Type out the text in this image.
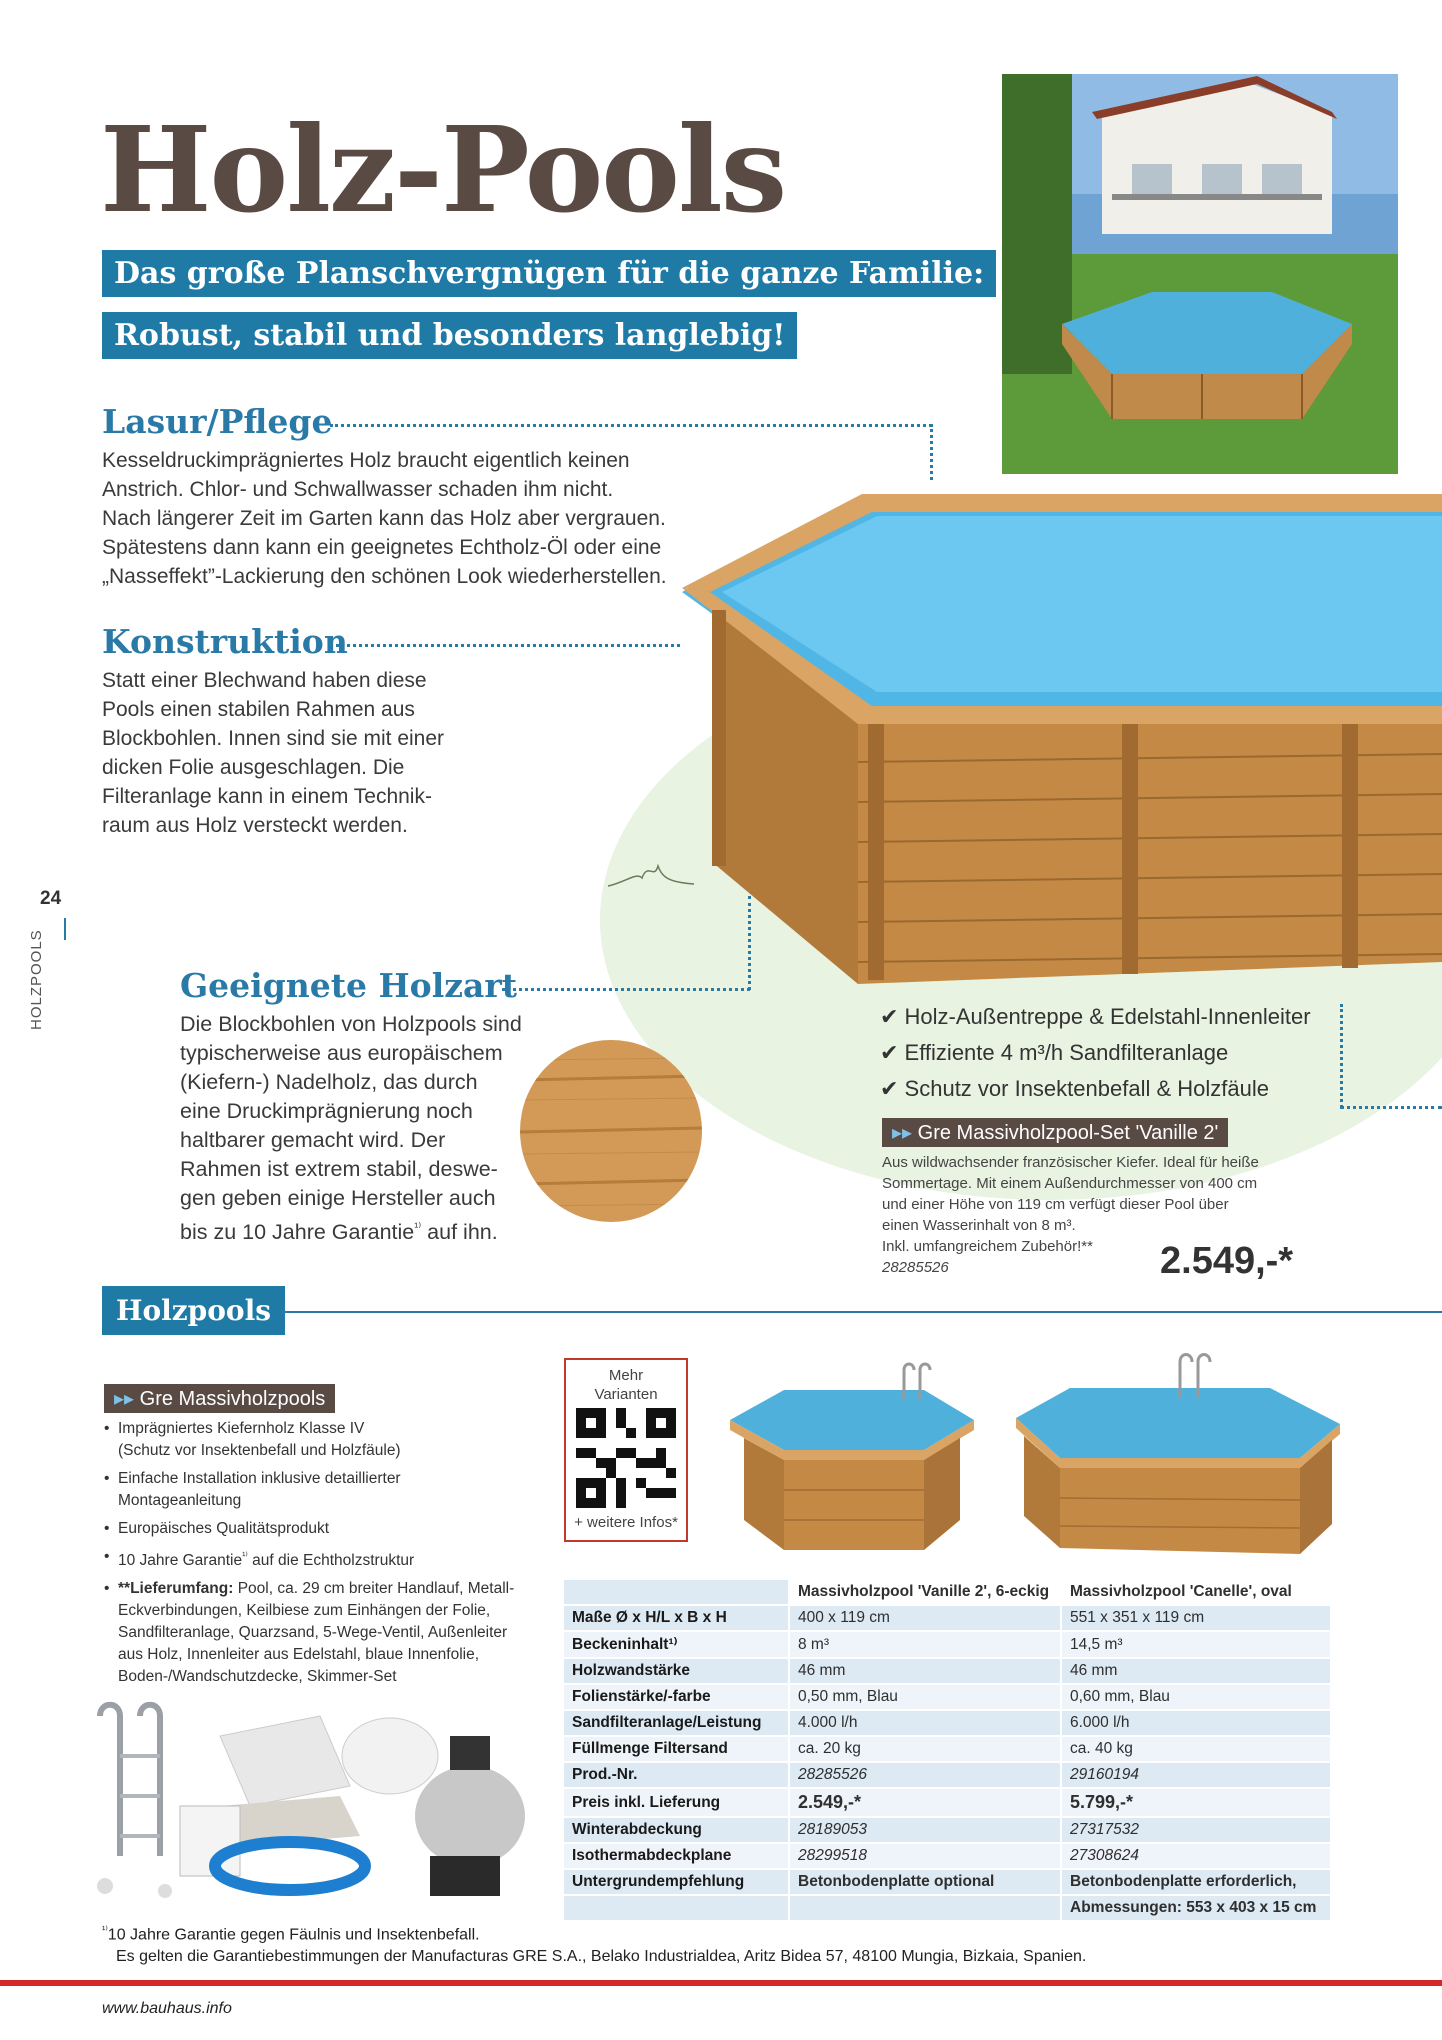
Holz-Pools
Das große Planschvergnügen für die ganze Familie:
Robust, stabil und besonders langlebig!
Lasur/Pflege
Kesseldruckimprägniertes Holz braucht eigentlich keinen
Anstrich. Chlor- und Schwallwasser schaden ihm nicht.
Nach längerer Zeit im Garten kann das Holz aber vergrauen.
Spätestens dann kann ein geeignetes Echtholz-Öl oder eine
„Nasseffekt”-Lackierung den schönen Look wiederherstellen.
Konstruktion
Statt einer Blechwand haben diese
Pools einen stabilen Rahmen aus
Blockbohlen. Innen sind sie mit einer
dicken Folie ausgeschlagen. Die
Filteranlage kann in einem Technik-
raum aus Holz versteckt werden.
24
HOLZPOOLS	Geeignete Holzart
Die Blockbohlen von Holzpools sind
typischerweise aus europäischem
(Kiefern-) Nadelholz, das durch
eine Druckimprägnierung noch
haltbarer gemacht wird. Der
Rahmen ist extrem stabil, deswe-
gen geben einige Hersteller auch
bis zu 10 Jahre Garantie$^{^{1)}}$ auf ihn.
✔ Holz-Außentreppe & Edelstahl-Innenleiter
✔ Effiziente 4 m³/h Sandfilteranlage
✔ Schutz vor Insektenbefall & Holzfäule
▸▸ Gre Massivholzpool-Set 'Vanille 2'
Aus wildwachsender französischer Kiefer. Ideal für heiße
Sommertage. Mit einem Außendurchmesser von 400 cm
und einer Höhe von 119 cm verfügt dieser Pool über
einen Wasserinhalt von 8 m³.
Inkl. umfangreichem Zubehör!**
28285526	2.549,-*
Holzpools
▸▸ Gre Massivholzpools
• Imprägniertes Kiefernholz Klasse IV
(Schutz vor Insektenbefall und Holzfäule)
• Einfache Installation inklusive detaillierter
Montageanleitung
• Europäisches Qualitätsprodukt
• 10 Jahre Garantie$^{^{1)}}$ auf die Echtholzstruktur
• **Lieferumfang: Pool, ca. 29 cm breiter Handlauf, Metall-
Eckverbindungen, Keilbiese zum Einhängen der Folie,
Sandfilteranlage, Quarzsand, 5-Wege-Ventil, Außenleiter
aus Holz, Innenleiter aus Edelstahl, blaue Innenfolie,
Boden-/Wandschutzdecke, Skimmer-Set
Mehr
Varianten
+ weitere Infos*
	Massivholzpool 'Vanille 2', 6-eckig	Massivholzpool 'Canelle', oval
Maße Ø x H/L x B x H	400 x 119 cm	551 x 351 x 119 cm
Beckeninhalt¹⁾	8 m³	14,5 m³
Holzwandstärke	46 mm	46 mm
Folienstärke/-farbe	0,50 mm, Blau	0,60 mm, Blau
Sandfilteranlage/Leistung	4.000 l/h	6.000 l/h
Füllmenge Filtersand	ca. 20 kg	ca. 40 kg
Prod.-Nr.	28285526	29160194
Preis inkl. Lieferung	2.549,-*	5.799,-*
Winterabdeckung	28189053	27317532
Isothermabdeckplane	28299518	27308624
Untergrundempfehlung	Betonbodenplatte optional	Betonbodenplatte erforderlich,
		Abmessungen: 553 x 403 x 15 cm
$^{^{1)}}$10 Jahre Garantie gegen Fäulnis und Insektenbefall.
Es gelten die Garantiebestimmungen der Manufacturas GRE S.A., Belako Industrialdea, Aritz Bidea 57, 48100 Mungia, Bizkaia, Spanien.
www.bauhaus.info
